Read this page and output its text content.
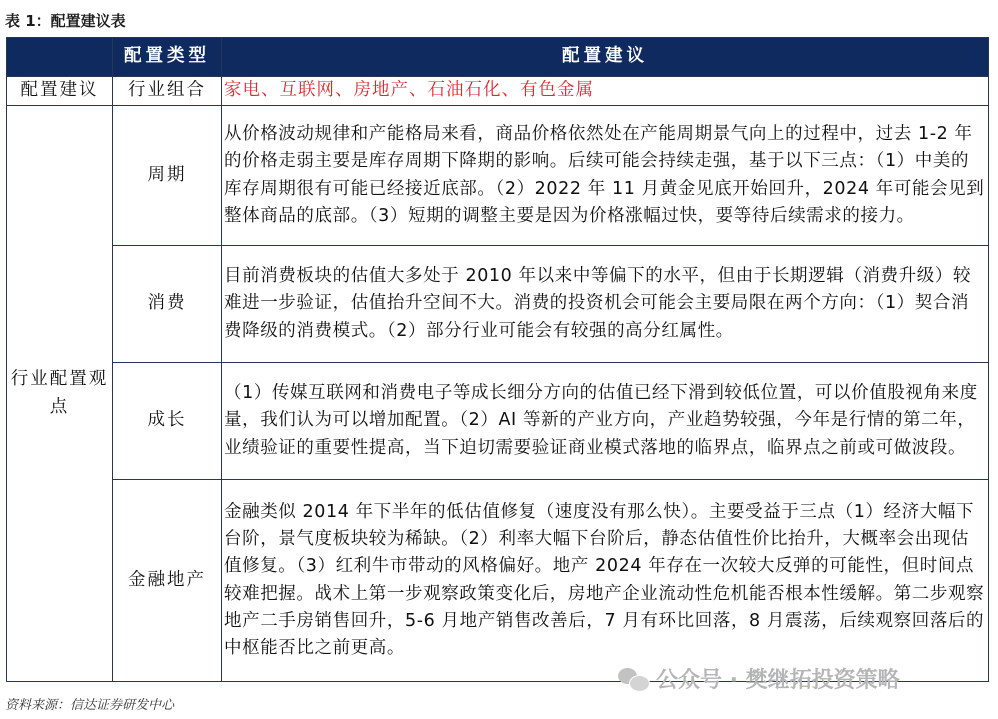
表 1：配置建议表
	配置类型	配置建议
配置建议	行业组合	家电、互联网、房地产、石油石化、有色金属
行业配置观点	周期	从价格波动规律和产能格局来看，商品价格依然处在产能周期景气向上的过程中，过去 1-2 年的价格走弱主要是库存周期下降期的影响。后续可能会持续走强，基于以下三点：（1）中美的库存周期很有可能已经接近底部。（2）2022 年 11 月黄金见底开始回升，2024 年可能会见到整体商品的底部。（3）短期的调整主要是因为价格涨幅过快，要等待后续需求的接力。
	消费	目前消费板块的估值大多处于 2010 年以来中等偏下的水平，但由于长期逻辑（消费升级）较难进一步验证，估值抬升空间不大。消费的投资机会可能会主要局限在两个方向：（1）契合消费降级的消费模式。（2）部分行业可能会有较强的高分红属性。
	成长	（1）传媒互联网和消费电子等成长细分方向的估值已经下滑到较低位置，可以价值股视角来度量，我们认为可以增加配置。（2）AI 等新的产业方向，产业趋势较强，今年是行情的第二年，业绩验证的重要性提高，当下迫切需要验证商业模式落地的临界点，临界点之前或可做波段。
	金融地产	金融类似 2014 年下半年的低估值修复（速度没有那么快）。主要受益于三点（1）经济大幅下台阶，景气度板块较为稀缺。（2）利率大幅下台阶后，静态估值性价比抬升，大概率会出现估值修复。（3）红利牛市带动的风格偏好。地产 2024 年存在一次较大反弹的可能性，但时间点较难把握。战术上第一步观察政策变化后，房地产企业流动性危机能否根本性缓解。第二步观察地产二手房销售回升，5-6 月地产销售改善后，7 月有环比回落，8 月震荡，后续观察回落后的中枢能否比之前更高。
资料来源：信达证券研发中心
公众号 · 樊继拓投资策略
